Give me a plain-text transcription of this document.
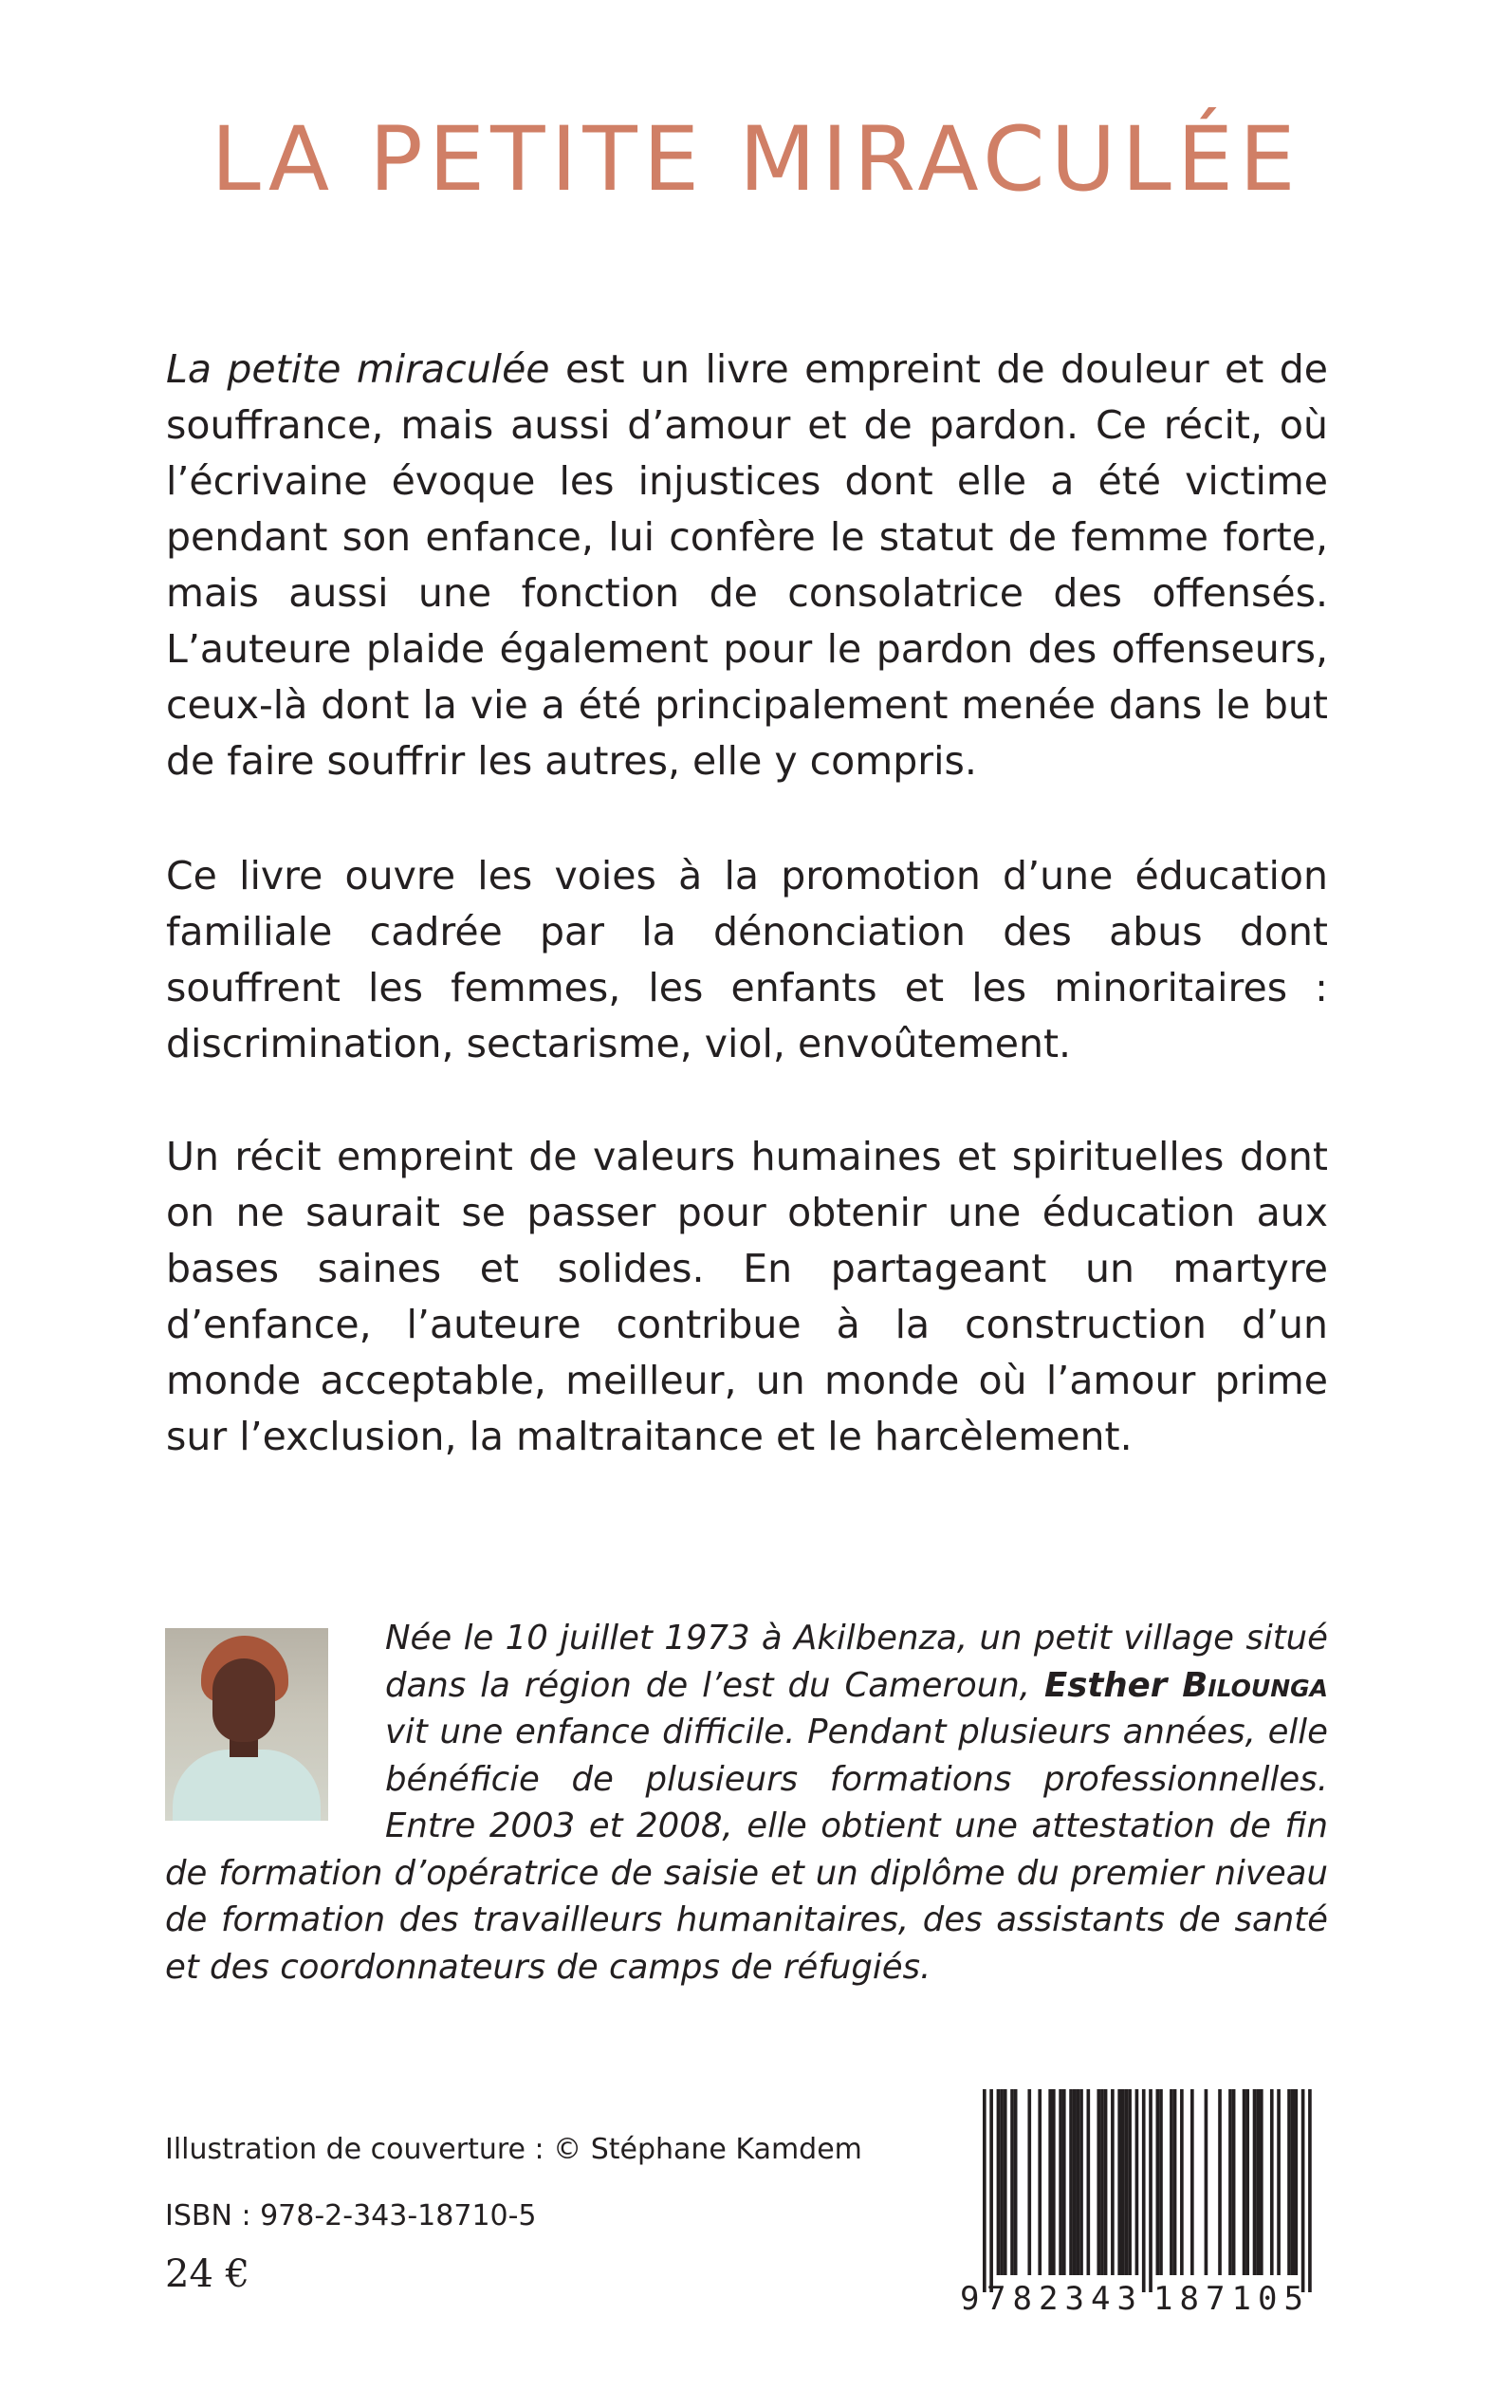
LA PETITE MIRACULÉE

La petite miraculée est un livre empreint de douleur et de souffrance, mais aussi d’amour et de pardon. Ce récit, où l’écrivaine évoque les injustices dont elle a été victime pendant son enfance, lui confère le statut de femme forte, mais aussi une fonction de consolatrice des offensés. L’auteure plaide également pour le pardon des offenseurs, ceux-là dont la vie a été principalement menée dans le but de faire souffrir les autres, elle y compris.

Ce livre ouvre les voies à la promotion d’une éducation familiale cadrée par la dénonciation des abus dont souffrent les femmes, les enfants et les minoritaires : discrimination, sectarisme, viol, envoûtement.

Un récit empreint de valeurs humaines et spirituelles dont on ne saurait se passer pour obtenir une éducation aux bases saines et solides. En partageant un martyre d’enfance, l’auteure contribue à la construction d’un monde acceptable, meilleur, un monde où l’amour prime sur l’exclusion, la maltraitance et le harcèlement.

Née le 10 juillet 1973 à Akilbenza, un petit village situé dans la région de l’est du Cameroun, Esther Bilounga vit une enfance difficile. Pendant plusieurs années, elle bénéficie de plusieurs formations professionnelles. Entre 2003 et 2008, elle obtient une attestation de fin de formation d’opératrice de saisie et un diplôme du premier niveau de formation des travailleurs humanitaires, des assistants de santé et des coordonnateurs de camps de réfugiés.

Illustration de couverture : © Stéphane Kamdem

ISBN : 978-2-343-18710-5

24 €

9 782343 187105
